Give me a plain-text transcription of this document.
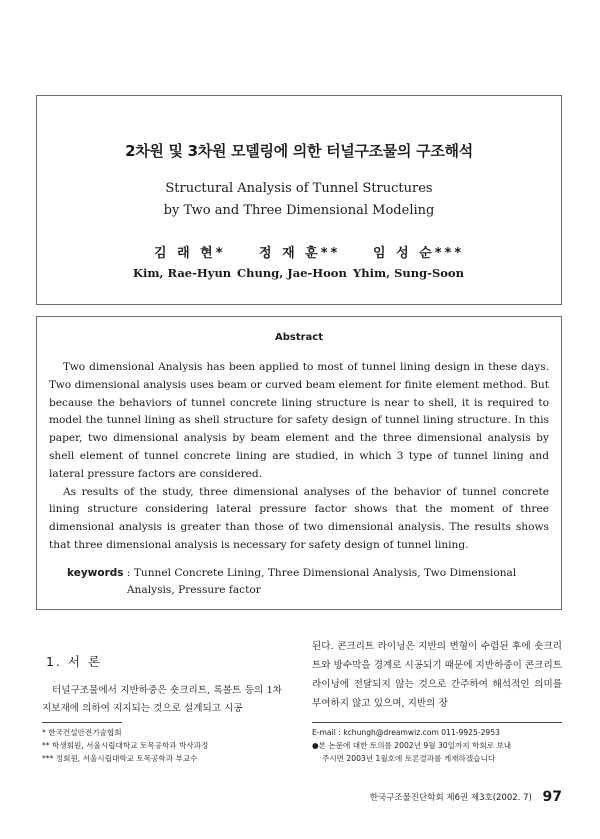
2차원 및 3차원 모델링에 의한 터널구조물의 구조해석
Structural Analysis of Tunnel Structures
by Two and Three Dimensional Modeling
김 래 현*	정 재 훈**	임 성 순***
Kim, Rae-Hyun Chung, Jae-Hoon Yhim, Sung-Soon
Abstract

Two dimensional Analysis has been applied to most of tunnel lining design in these days. Two dimensional analysis uses beam or curved beam element for finite element method. But because the behaviors of tunnel concrete lining structure is near to shell, it is required to model the tunnel lining as shell structure for safety design of tunnel lining structure. In this paper, two dimensional analysis by beam element and the three dimensional analysis by shell element of tunnel concrete lining are studied, in which 3 type of tunnel lining and lateral pressure factors are considered.

As results of the study, three dimensional analyses of the behavior of tunnel concrete lining structure considering lateral pressure factor shows that the moment of three dimensional analysis is greater than those of two dimensional analysis. The results shows that three dimensional analysis is necessary for safety design of tunnel lining.

keywords : Tunnel Concrete Lining, Three Dimensional Analysis, Two Dimensional Analysis, Pressure factor
1. 서 론

터널구조물에서 지반하중은 숏크리트, 록볼트 등의 1차 지보재에 의하여 지지되는 것으로 설계되고 시공

된다. 콘크리트 라이닝은 지반의 변형이 수렴된 후에 숏크리트와 방수막을 경계로 시공되기 때문에 지반하중이 콘크리트 라이닝에 전달되지 않는 것으로 간주하여 해석적인 의미를 부여하지 않고 있으며, 지반의 장

* 한국건설안전기술협회
** 학생회원, 서울시립대학교 토목공학과 박사과정
*** 정회원, 서울시립대학교 토목공학과 부교수
E-mail : kchungh@dreamwiz.com 011-9925-2953
●본 논문에 대한 토의를 2002년 9월 30일까지 학회로 보내
주시면 2003년 1월호에 토론결과를 게재하겠습니다
한국구조물진단학회 제6권 제3호(2002. 7) 97
